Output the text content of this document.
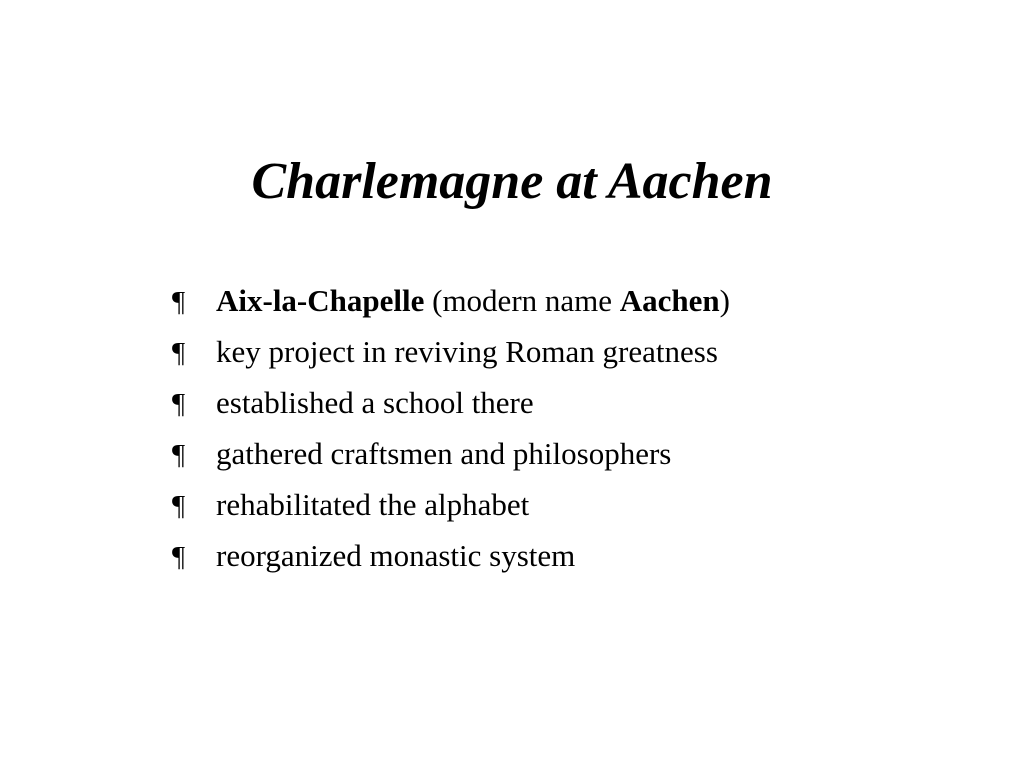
Charlemagne at Aachen
¶ Aix-la-Chapelle (modern name Aachen)
¶ key project in reviving Roman greatness
¶ established a school there
¶ gathered craftsmen and philosophers
¶ rehabilitated the alphabet
¶ reorganized monastic system
